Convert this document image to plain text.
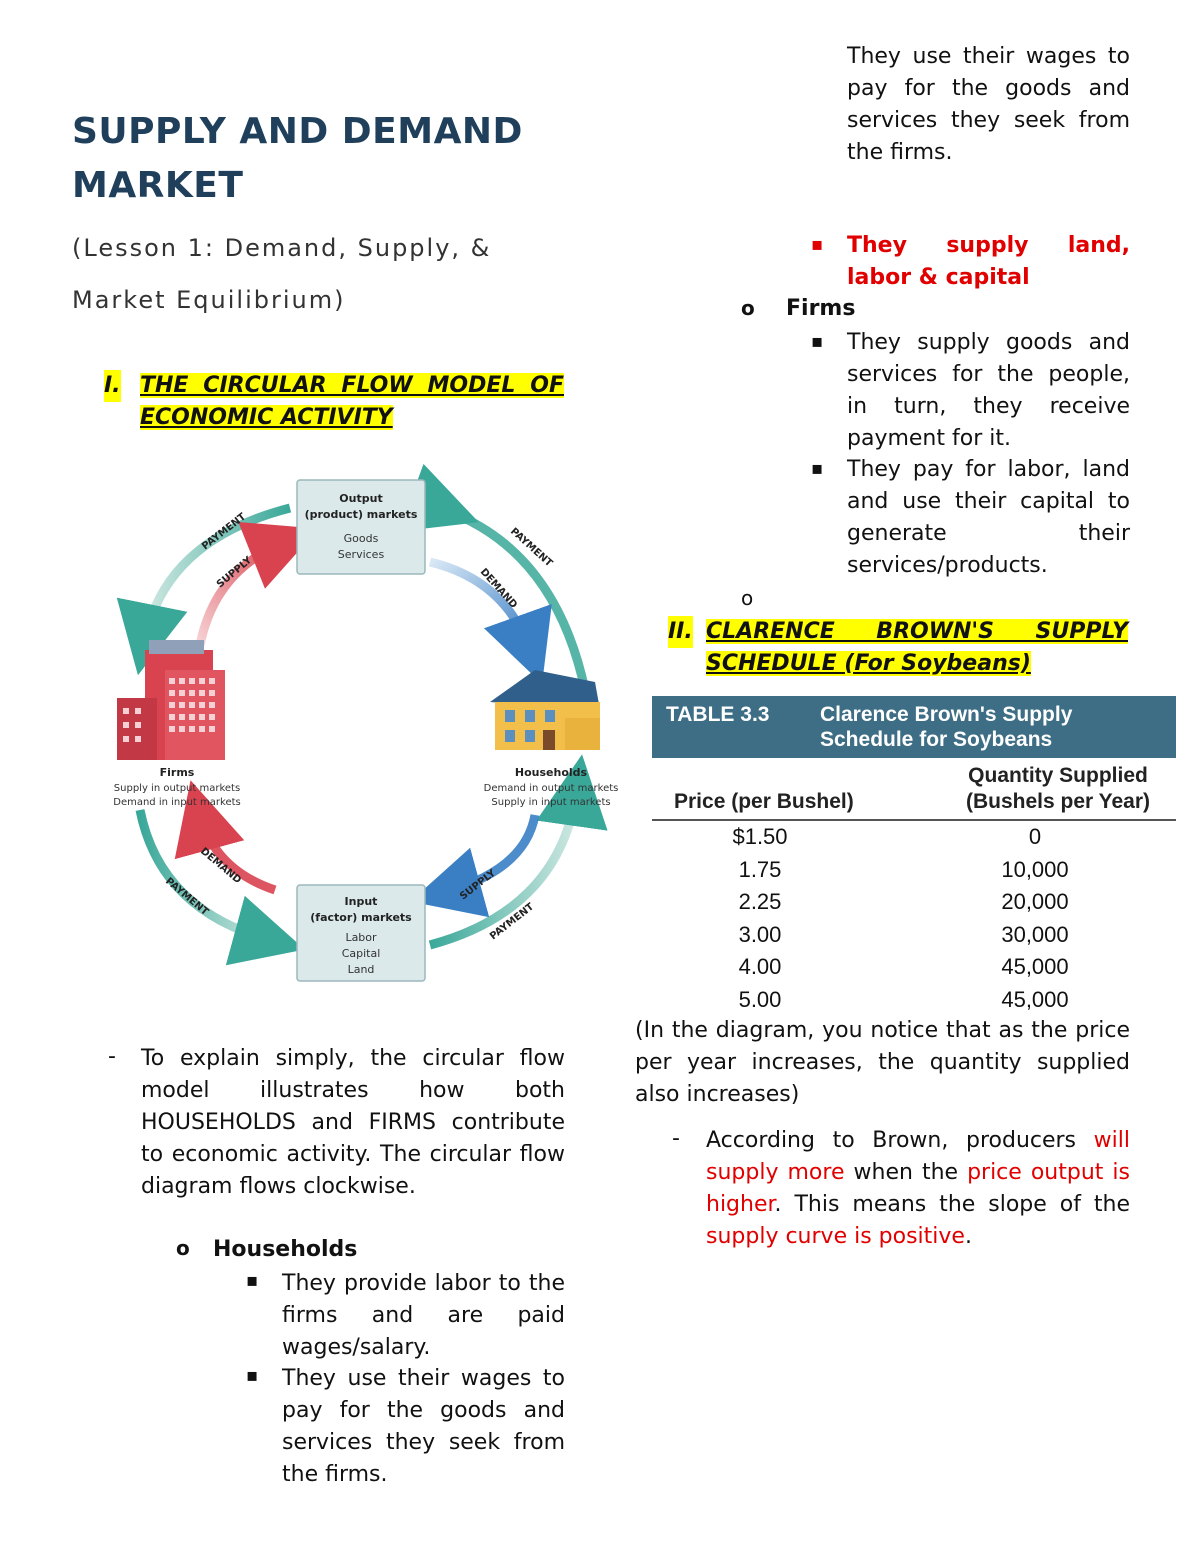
SUPPLY AND DEMAND MARKET
(Lesson 1: Demand, Supply, & Market Equilibrium)
I. THE CIRCULAR FLOW MODEL OF ECONOMIC ACTIVITY
PAYMENT
SUPPLY
PAYMENT
DEMAND
DEMAND
PAYMENT	SUPPLY
PAYMENT
Output
(product) markets
Goods
Services
Input
(factor) markets
Labor
Capital
Land
Firms
Supply in output markets
Demand in input markets
Households
Demand in output markets
Supply in input markets
- To explain simply, the circular flow model illustrates how both HOUSEHOLDS and FIRMS contribute to economic activity. The circular flow diagram flows clockwise.
o Households
▪ They provide labor to the firms and are paid wages/salary.
▪ They use their wages to pay for the goods and services they seek from the firms.
They use their wages to pay for the goods and services they seek from the firms.
▪ They supply land, labor & capital
o Firms
▪ They supply goods and services for the people, in turn, they receive payment for it.
▪ They pay for labor, land and use their capital to generate their services/products.
o
II. CLARENCE BROWN'S SUPPLY SCHEDULE (For Soybeans)
TABLE 3.3 Clarence Brown's Supply Schedule for Soybeans
Price (per Bushel)
Quantity Supplied (Bushels per Year)
$1.50	0
1.75	10,000
2.25	20,000
3.00	30,000
4.00	45,000
5.00	45,000
(In the diagram, you notice that as the price per year increases, the quantity supplied also increases)
- According to Brown, producers will supply more when the price output is higher. This means the slope of the supply curve is positive.
